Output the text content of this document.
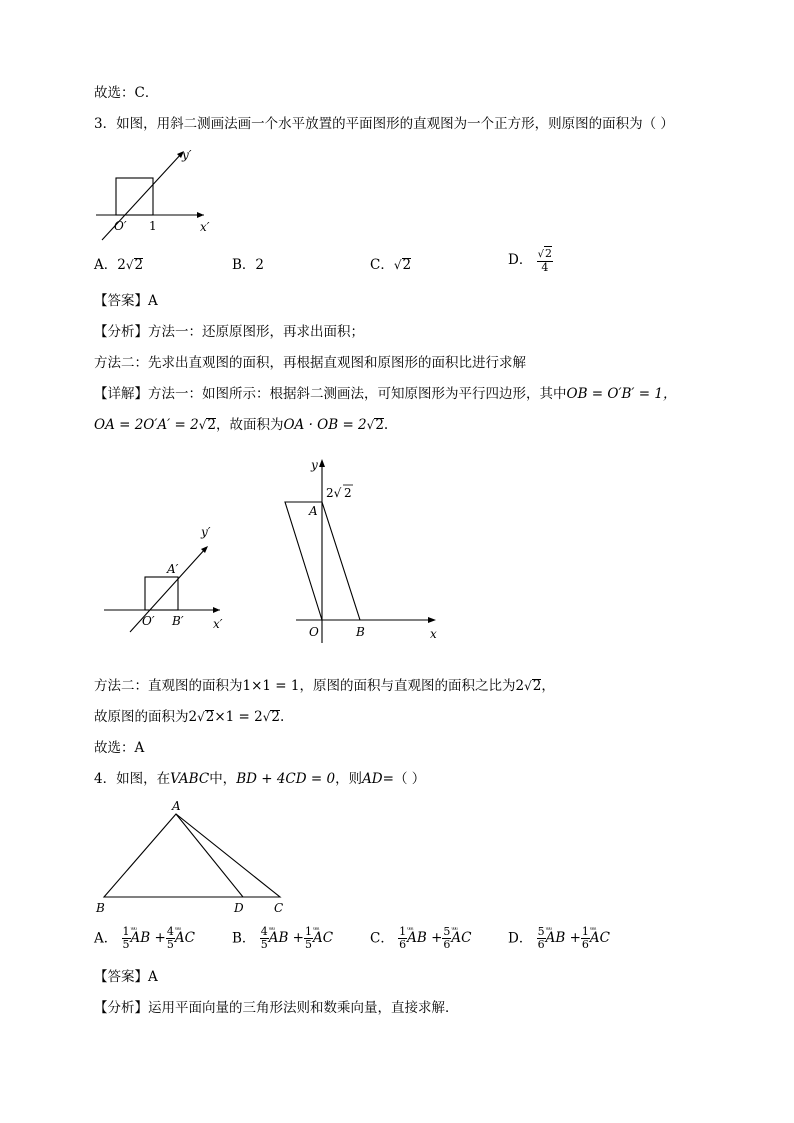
故选：C．
3．如图，用斜二测画法画一个水平放置的平面图形的直观图为一个正方形，则原图的面积为（ ）
y′
x′
O′ 1
A．2√2	B．2	C．√2	D． $\frac{√2}{4}$
【答案】A
【分析】方法一：还原原图形，再求出面积；
方法二：先求出直观图的面积，再根据直观图和原图形的面积比进行求解
【详解】方法一：如图所示：根据斜二测画法，可知原图形为平行四边形，其中OB = O′B′ = 1，
OA = 2O′A′ = 2√2，故面积为OA · OB = 2√2.
y′
A′
x′
O′ B′
y
2√ 2
A
O	B	x
方法二：直观图的面积为1×1 = 1，原图的面积与直观图的面积之比为2√2，
故原图的面积为2√2×1 = 2√2.
故选：A
4．如图，在VABC中，BD + 4CD = 0，则AD=（ ）
A
B	D	C
A． $\frac{1}{5}$ ᵘᵘᵘ AB + $\frac{4}{5}$ ᵘᵘᵘ AC	B． $\frac{4}{5}$ ᵘᵘᵘ AB + $\frac{1}{5}$ ᵘᵘᵘ AC	C． $\frac{1}{6}$ ᵘᵘᵘ AB + $\frac{5}{6}$ ᵘᵘᵘ AC	D． $\frac{5}{6}$ ᵘᵘᵘ AB + $\frac{1}{6}$ ᵘᵘᵘ AC
【答案】A
【分析】运用平面向量的三角形法则和数乘向量，直接求解．
